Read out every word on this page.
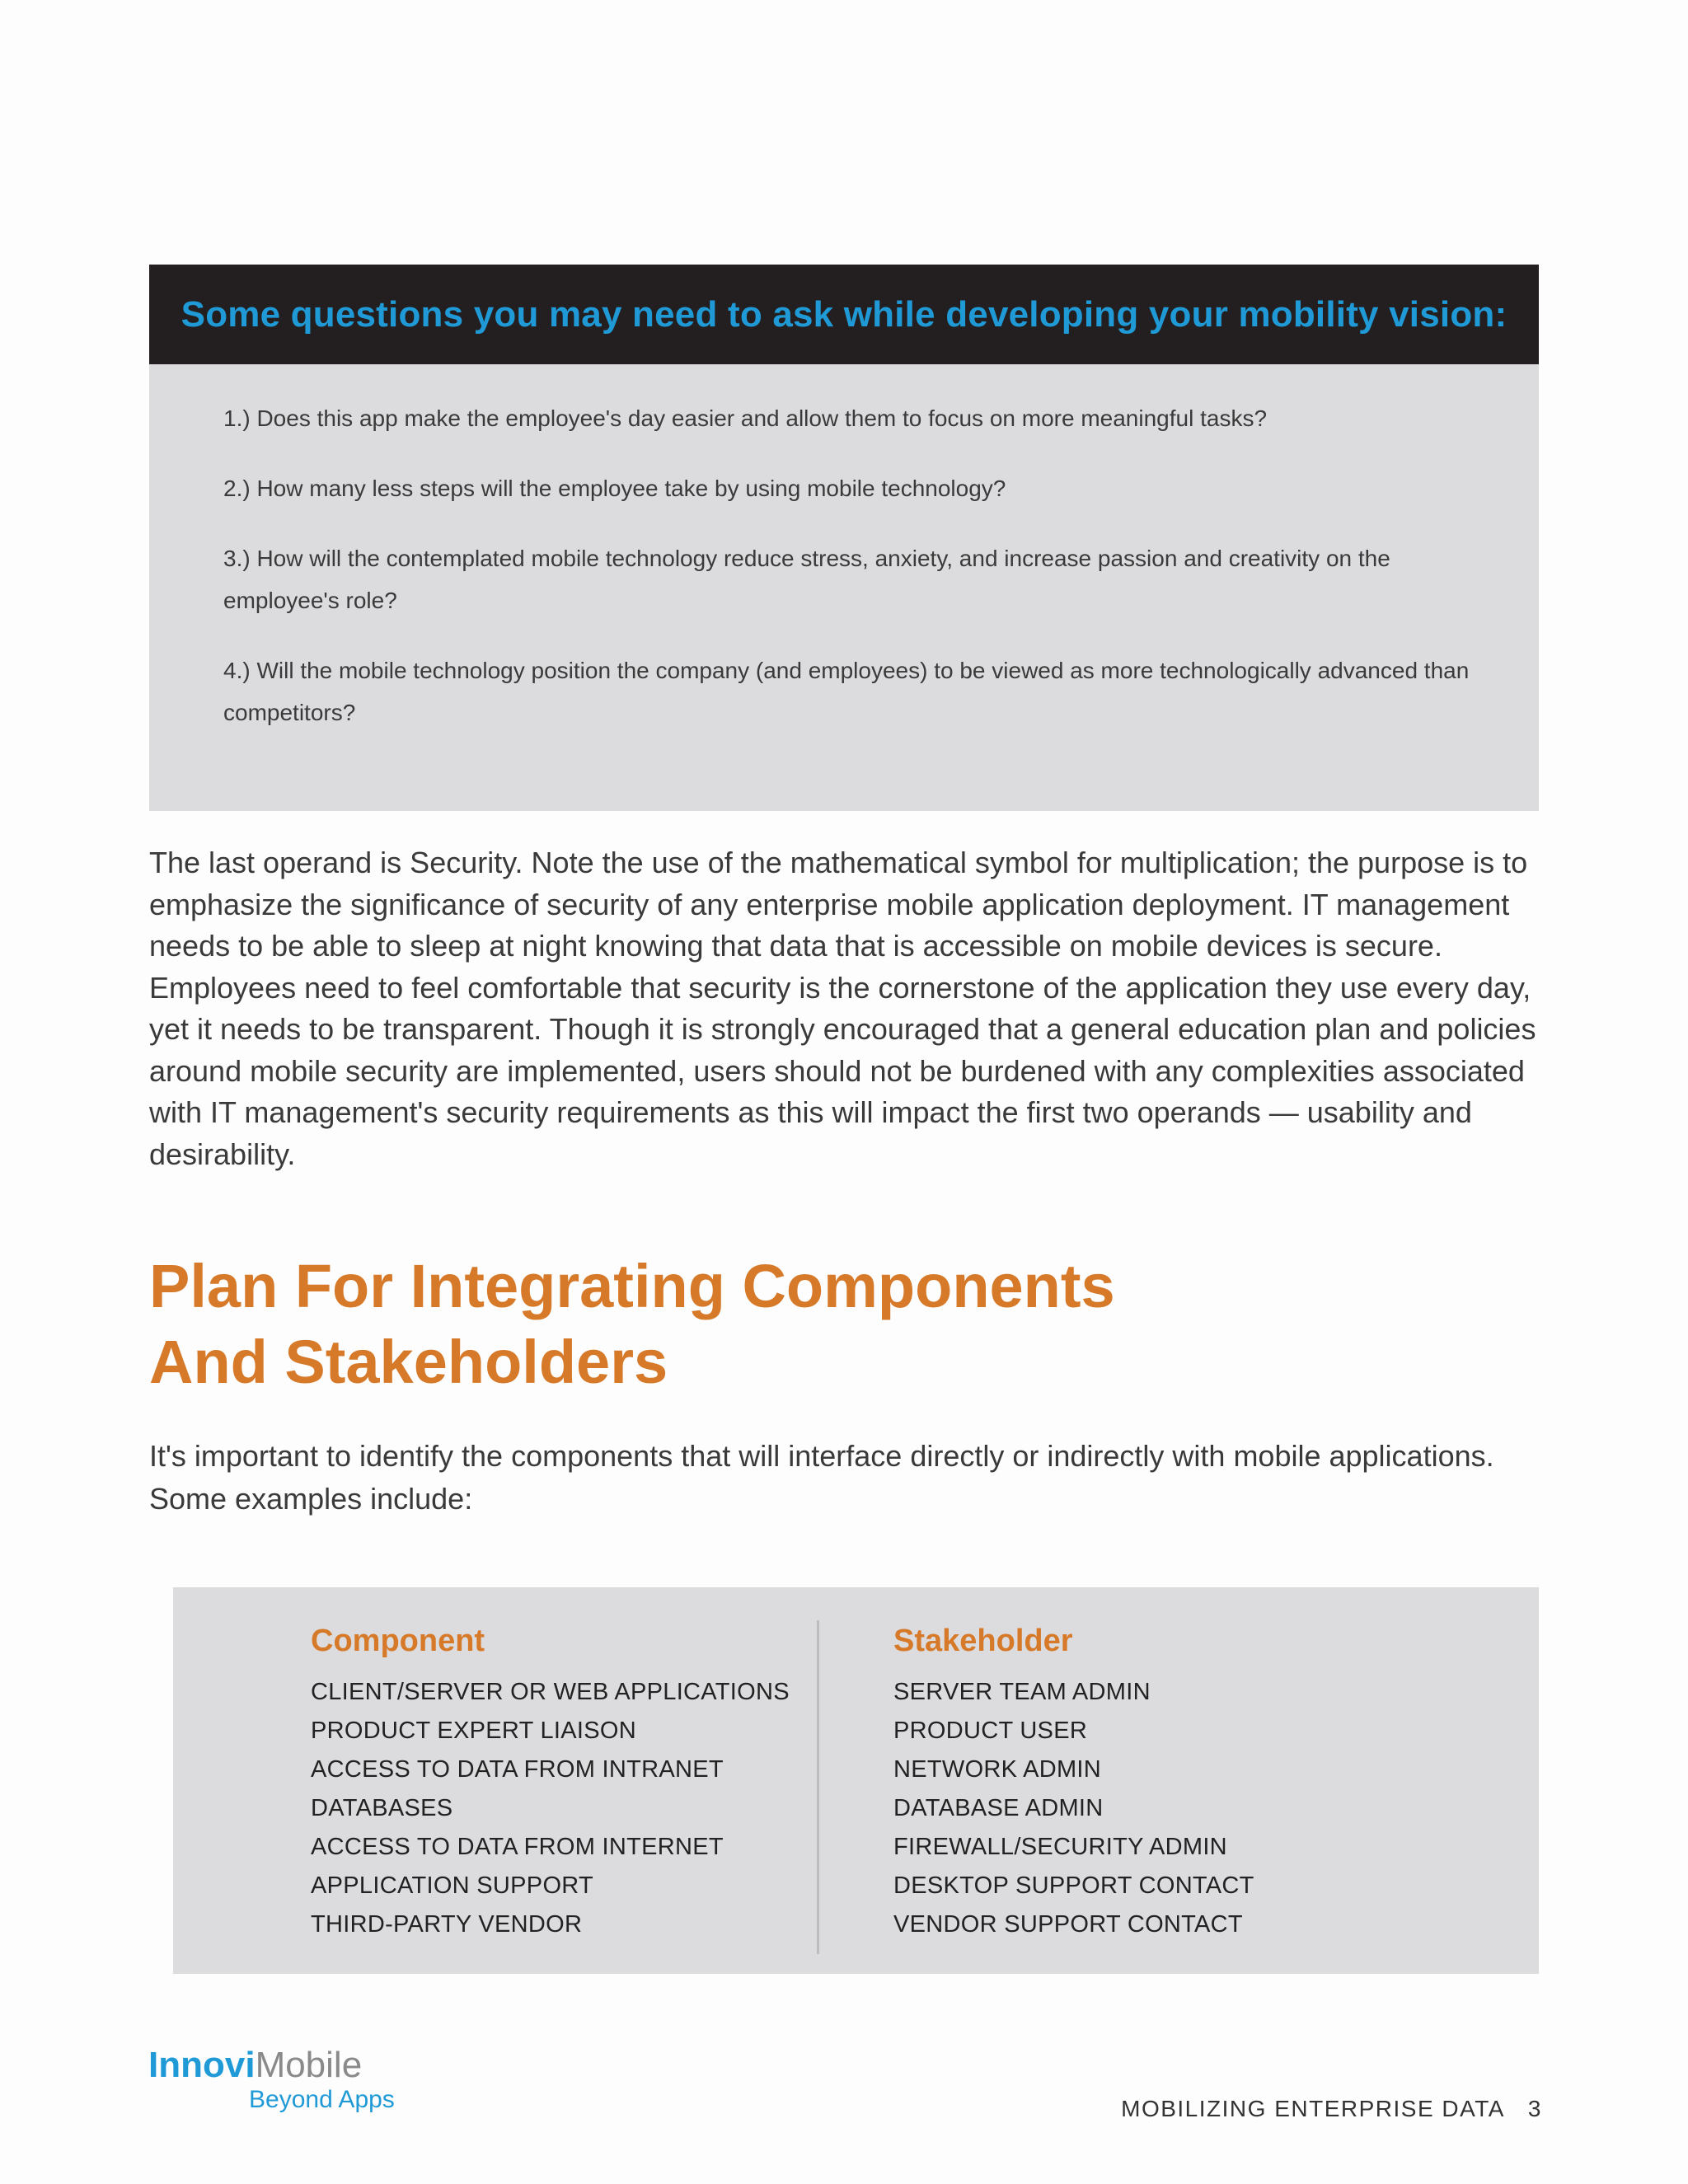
Some questions you may need to ask while developing your mobility vision:

1.) Does this app make the employee's day easier and allow them to focus on more meaningful tasks?

2.) How many less steps will the employee take by using mobile technology?

3.) How will the contemplated mobile technology reduce stress, anxiety, and increase passion and creativity on the employee's role?

4.) Will the mobile technology position the company (and employees) to be viewed as more technologically advanced than competitors?

The last operand is Security. Note the use of the mathematical symbol for multiplication; the purpose is to emphasize the significance of security of any enterprise mobile application deployment. IT management needs to be able to sleep at night knowing that data that is accessible on mobile devices is secure. Employees need to feel comfortable that security is the cornerstone of the application they use every day, yet it needs to be transparent. Though it is strongly encouraged that a general education plan and policies around mobile security are implemented, users should not be burdened with any complexities associated with IT management's security requirements as this will impact the first two operands — usability and desirability.

Plan For Integrating Components
And Stakeholders

It's important to identify the components that will interface directly or indirectly with mobile applications. Some examples include:

Component
CLIENT/SERVER OR WEB APPLICATIONS
PRODUCT EXPERT LIAISON
ACCESS TO DATA FROM INTRANET
DATABASES
ACCESS TO DATA FROM INTERNET
APPLICATION SUPPORT
THIRD-PARTY VENDOR
Stakeholder
SERVER TEAM ADMIN
PRODUCT USER
NETWORK ADMIN
DATABASE ADMIN
FIREWALL/SECURITY ADMIN
DESKTOP SUPPORT CONTACT
VENDOR SUPPORT CONTACT
InnoviMobile
Beyond Apps	MOBILIZING ENTERPRISE DATA 3
